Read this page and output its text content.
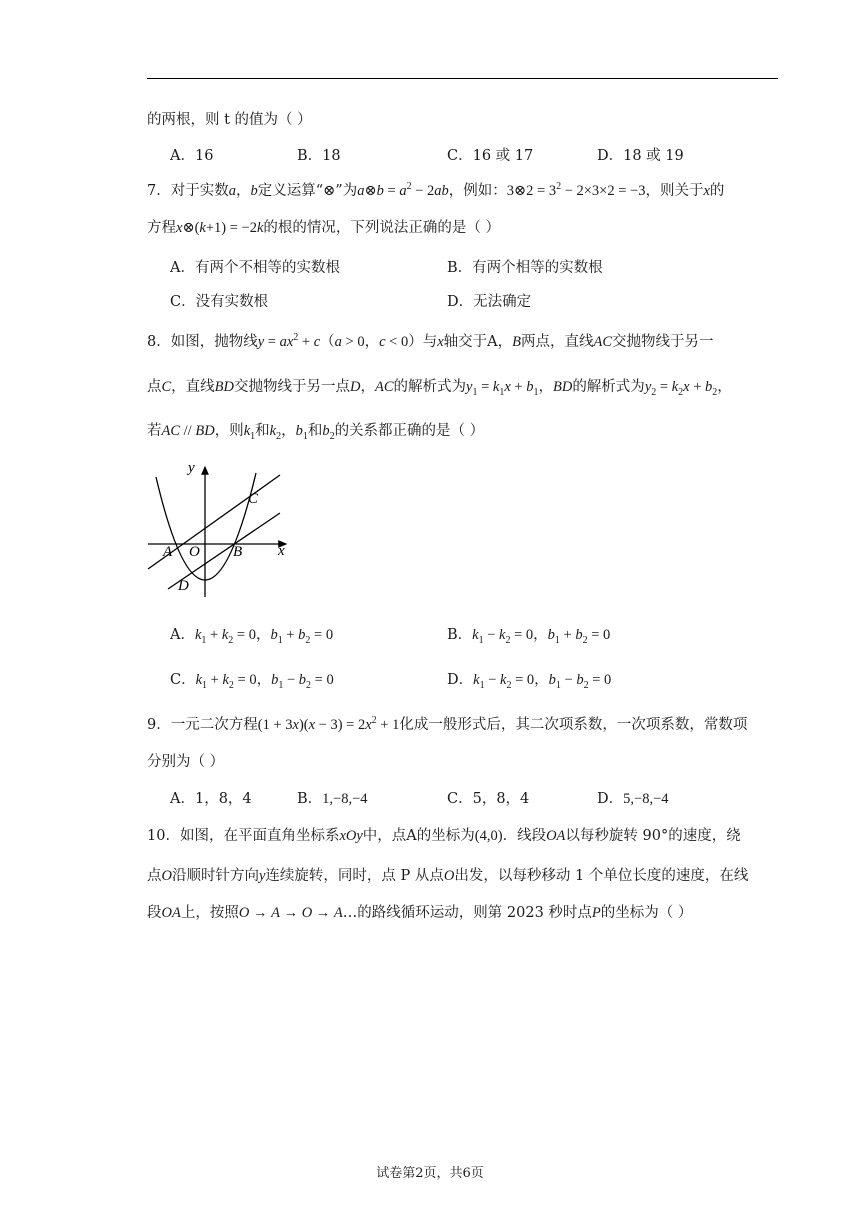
的两根，则 t 的值为（ ）
A．16	B．18	C．16 或 17	D．18 或 19
7．对于实数a，b定义运算“⊗”为a⊗b = $a^2 - 2ab$，例如：3⊗2 = $3^2 - 2\times 3\times 2 = -3$，则关于x的
方程x⊗(k+1) = −2k的根的情况，下列说法正确的是（ ）
A．有两个不相等的实数根	B．有两个相等的实数根
C．没有实数根	D．无法确定
8．如图，抛物线$y = ax^2 + c(a > 0$，c < 0）与x轴交于A，B两点，直线AC交抛物线于另一
点C，直线BD交抛物线于另一点D，AC的解析式为$y_1 = k_1x + b_1$，BD的解析式为$y_2 = k_2x + b_2$，
若AC // BD，则$k_1$和$k_2$，$b_1$和$b_2$的关系都正确的是（ ）
y
x
A O B
C
D
A．$k_1 + k_2 = 0$，$b_1 + b_2 = 0$	B．$k_1 - k_2 = 0$，$b_1 + b_2 = 0$
C．$k_1 + k_2 = 0$，$b_1 - b_2 = 0$	D．$k_1 - k_2 = 0$，$b_1 - b_2 = 0$
9．一元二次方程$(1 + 3x)(x - 3) = 2x^2 + 1$化成一般形式后，其二次项系数，一次项系数，常数项
分别为（ ）
A．1，8，4	B．1,−8,−4	C．5，8，4	D．5,−8,−4
10．如图，在平面直角坐标系xOy中，点A的坐标为(4,0)．线段OA以每秒旋转 90°的速度，绕
点O沿顺时针方向y连续旋转，同时，点 P 从点O出发，以每秒移动 1 个单位长度的速度，在线
段OA上，按照O → A → O → A…的路线循环运动，则第 2023 秒时点P的坐标为（ ）
试卷第2页，共6页
